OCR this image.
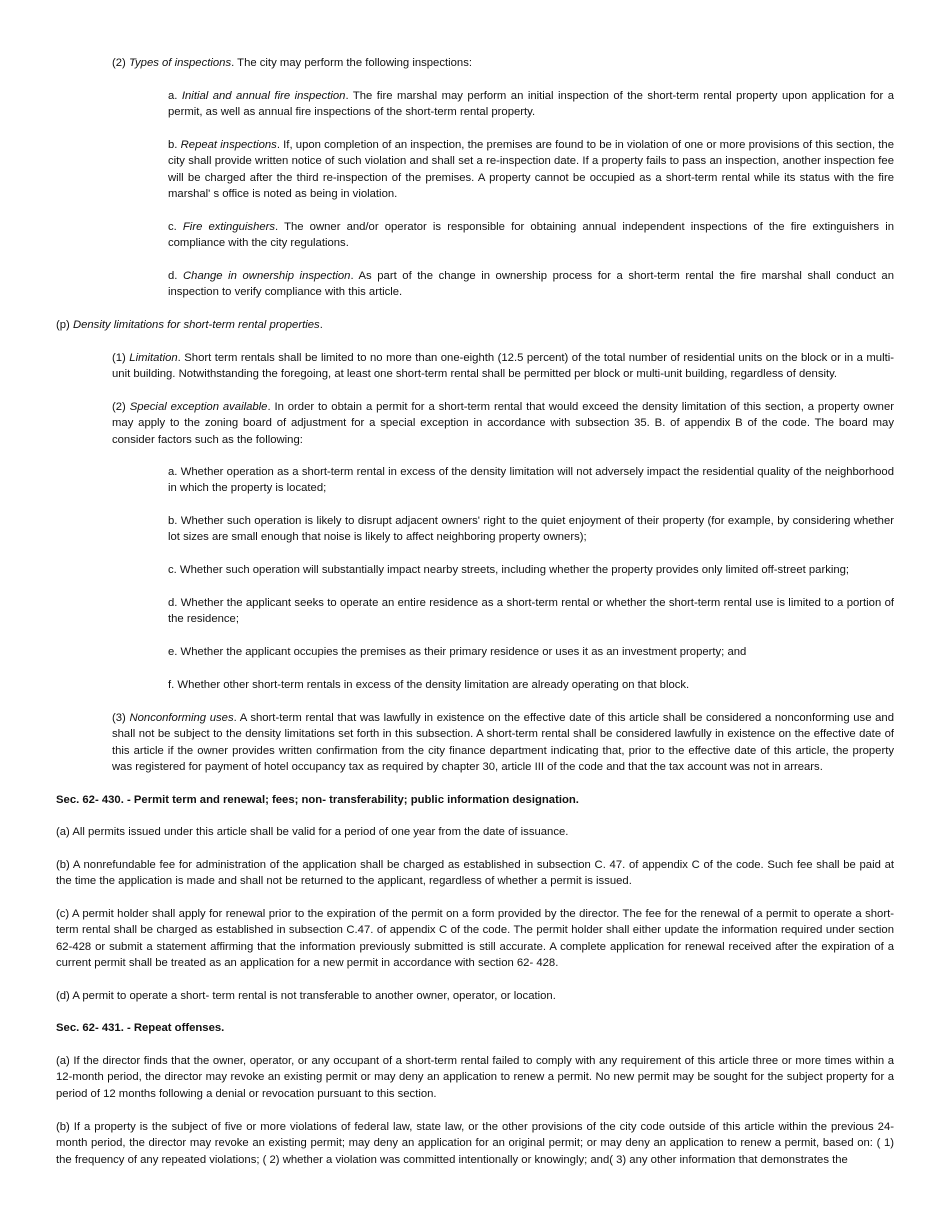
(2) Types of inspections. The city may perform the following inspections:

a. Initial and annual fire inspection. The fire marshal may perform an initial inspection of the short-term rental property upon application for a permit, as well as annual fire inspections of the short-term rental property.

b. Repeat inspections. If, upon completion of an inspection, the premises are found to be in violation of one or more provisions of this section, the city shall provide written notice of such violation and shall set a re-inspection date. If a property fails to pass an inspection, another inspection fee will be charged after the third re-inspection of the premises. A property cannot be occupied as a short-term rental while its status with the fire marshal' s office is noted as being in violation.

c. Fire extinguishers. The owner and/or operator is responsible for obtaining annual independent inspections of the fire extinguishers in compliance with the city regulations.

d. Change in ownership inspection. As part of the change in ownership process for a short-term rental the fire marshal shall conduct an inspection to verify compliance with this article.

(p) Density limitations for short-term rental properties.

(1) Limitation. Short term rentals shall be limited to no more than one-eighth (12.5 percent) of the total number of residential units on the block or in a multi-unit building. Notwithstanding the foregoing, at least one short-term rental shall be permitted per block or multi-unit building, regardless of density.

(2) Special exception available. In order to obtain a permit for a short-term rental that would exceed the density limitation of this section, a property owner may apply to the zoning board of adjustment for a special exception in accordance with subsection 35. B. of appendix B of the code. The board may consider factors such as the following:

a. Whether operation as a short-term rental in excess of the density limitation will not adversely impact the residential quality of the neighborhood in which the property is located;

b. Whether such operation is likely to disrupt adjacent owners' right to the quiet enjoyment of their property (for example, by considering whether lot sizes are small enough that noise is likely to affect neighboring property owners);

c. Whether such operation will substantially impact nearby streets, including whether the property provides only limited off-street parking;

d. Whether the applicant seeks to operate an entire residence as a short-term rental or whether the short-term rental use is limited to a portion of the residence;

e. Whether the applicant occupies the premises as their primary residence or uses it as an investment property; and

f. Whether other short-term rentals in excess of the density limitation are already operating on that block.

(3) Nonconforming uses. A short-term rental that was lawfully in existence on the effective date of this article shall be considered a nonconforming use and shall not be subject to the density limitations set forth in this subsection. A short-term rental shall be considered lawfully in existence on the effective date of this article if the owner provides written confirmation from the city finance department indicating that, prior to the effective date of this article, the property was registered for payment of hotel occupancy tax as required by chapter 30, article III of the code and that the tax account was not in arrears.

Sec. 62- 430. - Permit term and renewal; fees; non- transferability; public information designation.

(a) All permits issued under this article shall be valid for a period of one year from the date of issuance.

(b) A nonrefundable fee for administration of the application shall be charged as established in subsection C. 47. of appendix C of the code. Such fee shall be paid at the time the application is made and shall not be returned to the applicant, regardless of whether a permit is issued.

(c) A permit holder shall apply for renewal prior to the expiration of the permit on a form provided by the director. The fee for the renewal of a permit to operate a short-term rental shall be charged as established in subsection C.47. of appendix C of the code. The permit holder shall either update the information required under section 62-428 or submit a statement affirming that the information previously submitted is still accurate. A complete application for renewal received after the expiration of a current permit shall be treated as an application for a new permit in accordance with section 62- 428.

(d) A permit to operate a short- term rental is not transferable to another owner, operator, or location.

Sec. 62- 431. - Repeat offenses.

(a) If the director finds that the owner, operator, or any occupant of a short-term rental failed to comply with any requirement of this article three or more times within a 12-month period, the director may revoke an existing permit or may deny an application to renew a permit. No new permit may be sought for the subject property for a period of 12 months following a denial or revocation pursuant to this section.

(b) If a property is the subject of five or more violations of federal law, state law, or the other provisions of the city code outside of this article within the previous 24-month period, the director may revoke an existing permit; may deny an application for an original permit; or may deny an application to renew a permit, based on: ( 1) the frequency of any repeated violations; ( 2) whether a violation was committed intentionally or knowingly; and( 3) any other information that demonstrates the
